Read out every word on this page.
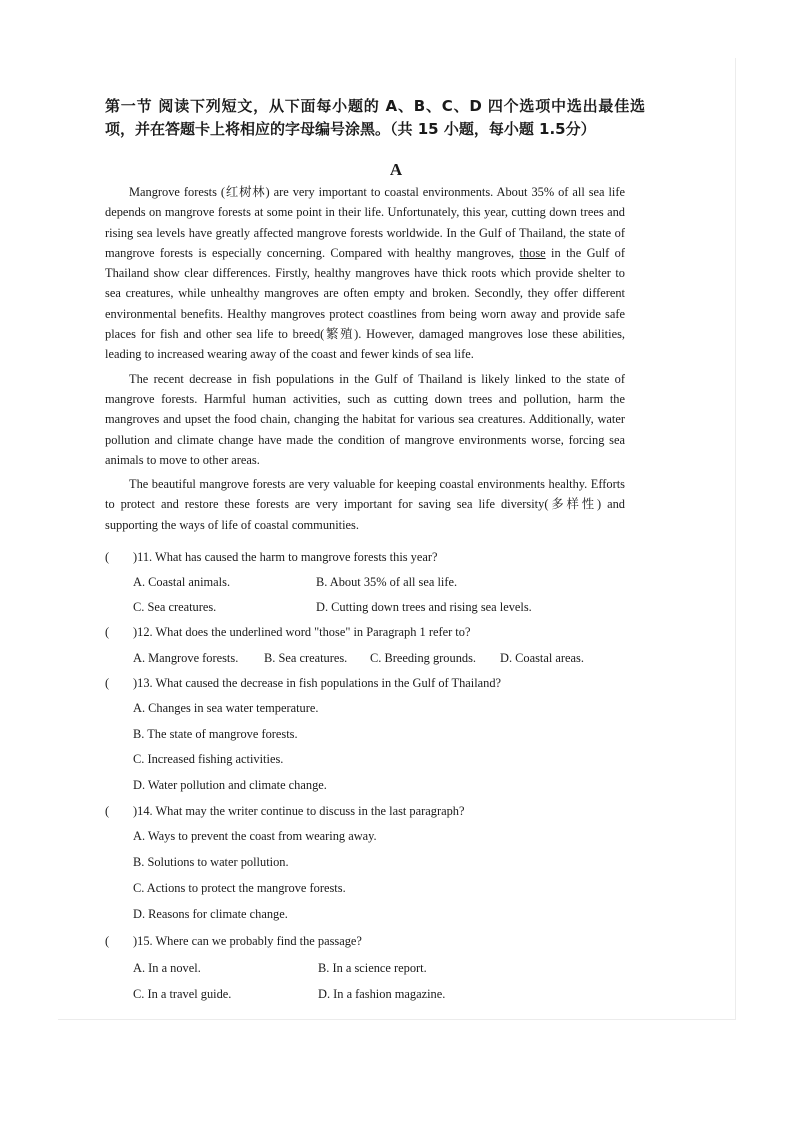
第一节 阅读下列短文，从下面每小题的 A、B、C、D 四个选项中选出最佳选项，并在答题卡上将相应的字母编号涂黑。（共 15 小题，每小题 1.5分）
A

Mangrove forests (红树林) are very important to coastal environments. About 35% of all sea life depends on mangrove forests at some point in their life. Unfortunately, this year, cutting down trees and rising sea levels have greatly affected mangrove forests worldwide. In the Gulf of Thailand, the state of mangrove forests is especially concerning. Compared with healthy mangroves, those in the Gulf of Thailand show clear differences. Firstly, healthy mangroves have thick roots which provide shelter to sea creatures, while unhealthy mangroves are often empty and broken. Secondly, they offer different environmental benefits. Healthy mangroves protect coastlines from being worn away and provide safe places for fish and other sea life to breed(繁殖). However, damaged mangroves lose these abilities, leading to increased wearing away of the coast and fewer kinds of sea life.

The recent decrease in fish populations in the Gulf of Thailand is likely linked to the state of mangrove forests. Harmful human activities, such as cutting down trees and pollution, harm the mangroves and upset the food chain, changing the habitat for various sea creatures. Additionally, water pollution and climate change have made the condition of mangrove environments worse, forcing sea animals to move to other areas.

The beautiful mangrove forests are very valuable for keeping coastal environments healthy. Efforts to protect and restore these forests are very important for saving sea life diversity(多样性) and supporting the ways of life of coastal communities.

( )11. What has caused the harm to mangrove forests this year?
A. Coastal animals.	B. About 35% of all sea life.
C. Sea creatures.	D. Cutting down trees and rising sea levels.
( )12. What does the underlined word "those" in Paragraph 1 refer to?
A. Mangrove forests. B. Sea creatures. C. Breeding grounds. D. Coastal areas.
( )13. What caused the decrease in fish populations in the Gulf of Thailand?
A. Changes in sea water temperature.
B. The state of mangrove forests.
C. Increased fishing activities.
D. Water pollution and climate change.
( )14. What may the writer continue to discuss in the last paragraph?
A. Ways to prevent the coast from wearing away.
B. Solutions to water pollution.
C. Actions to protect the mangrove forests.
D. Reasons for climate change.
( )15. Where can we probably find the passage?
A. In a novel.	B. In a science report.
C. In a travel guide.	D. In a fashion magazine.
